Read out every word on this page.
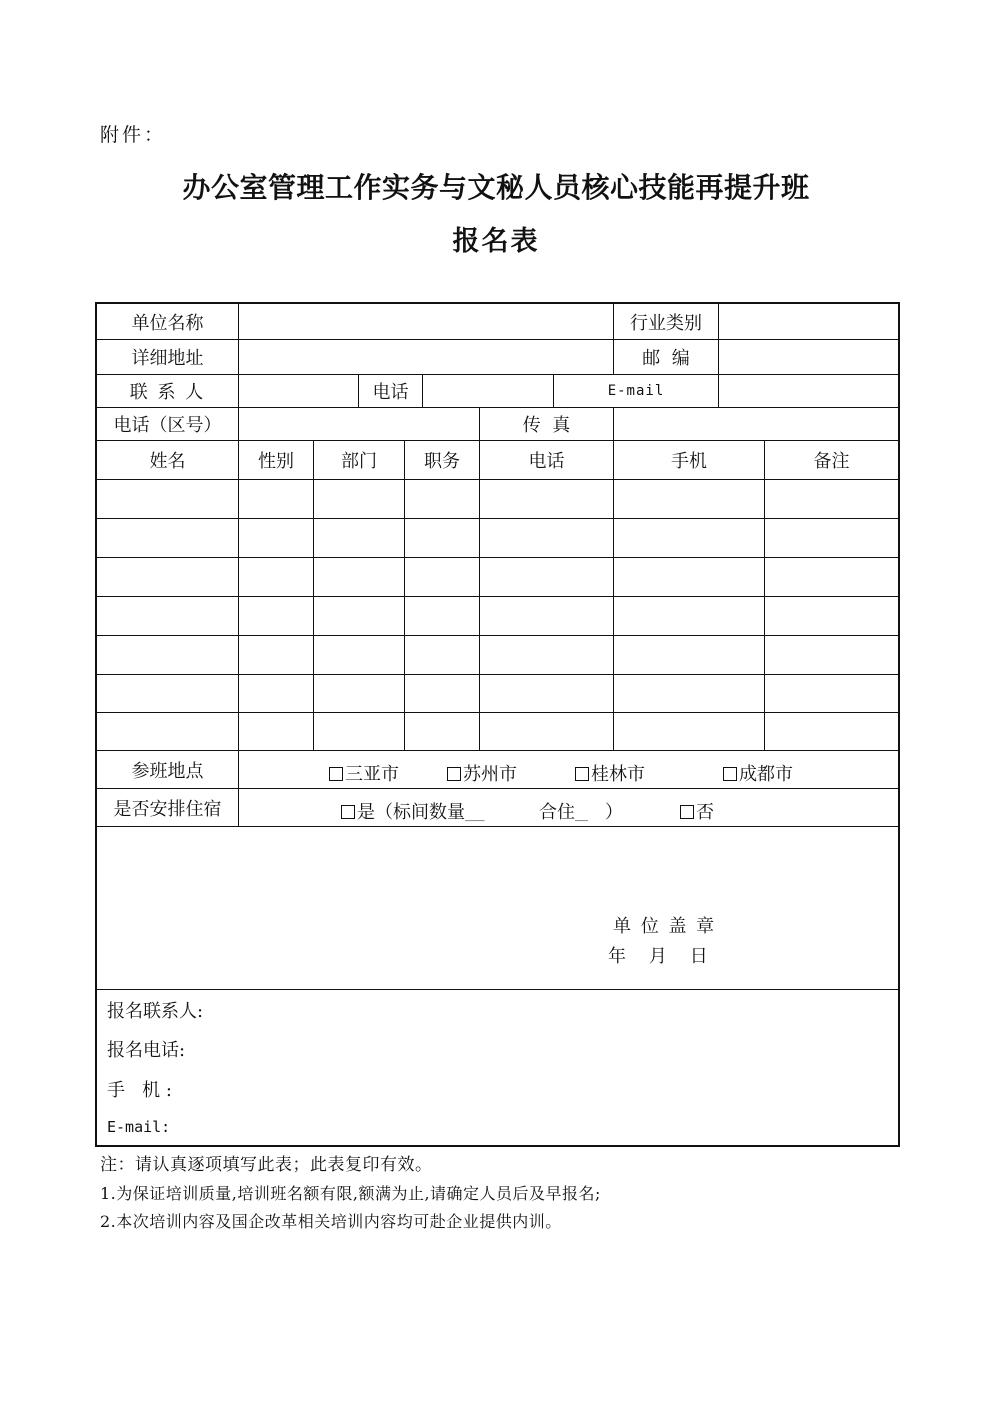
附件：
办公室管理工作实务与文秘人员核心技能再提升班
报名表
单位名称	行业类别
详细地址	邮  编
联 系 人	电话	E-mail
电话（区号）	传  真
姓名	性别	部门	职务	电话	手机	备注
参班地点	三亚市	苏州市	桂林市	成都市
是否安排住宿	是（标间数量___	合住__ ）	否
单 位 盖 章
年    月    日
报名联系人:
报名电话:
手   机 :
E-mail:
注：请认真逐项填写此表；此表复印有效。
1.为保证培训质量,培训班名额有限,额满为止,请确定人员后及早报名;
2.本次培训内容及国企改革相关培训内容均可赴企业提供内训。
